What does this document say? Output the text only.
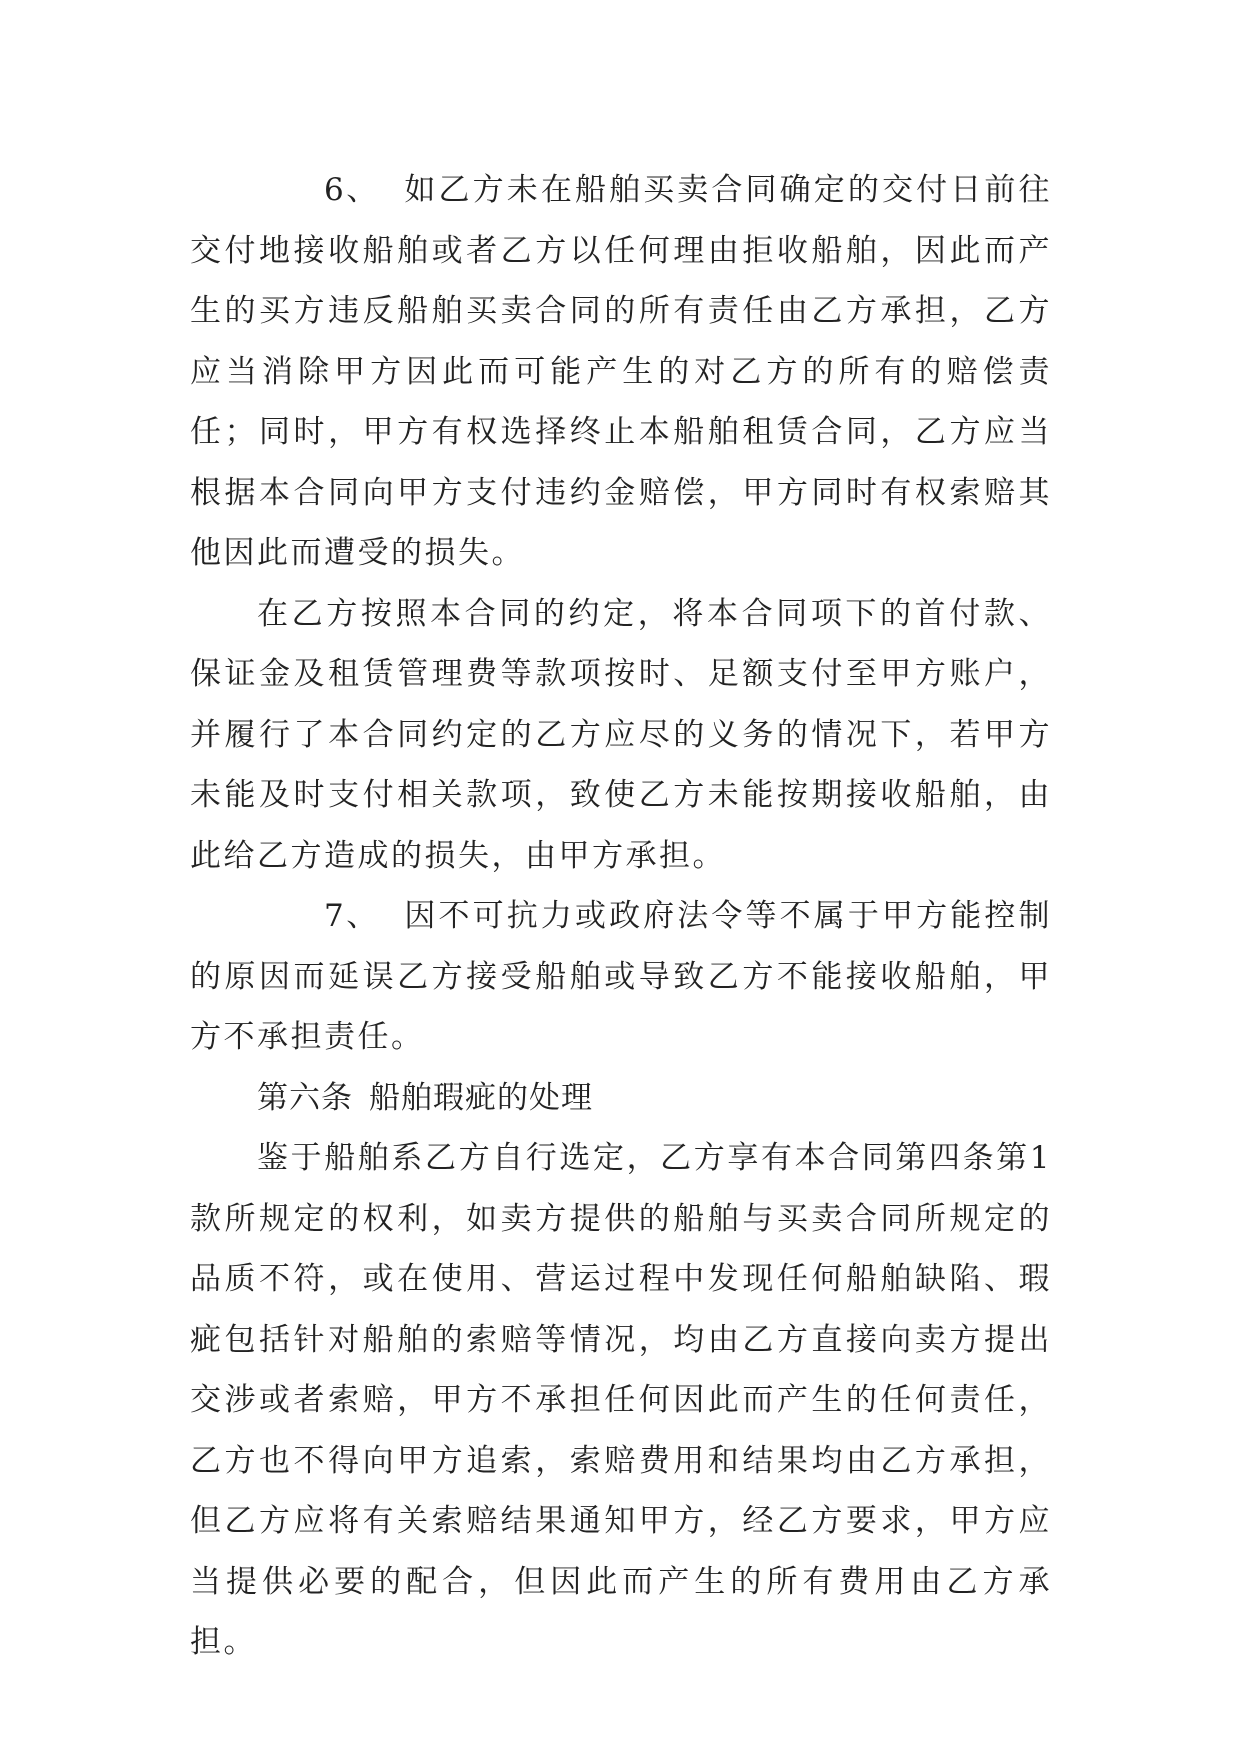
6、 如乙方未在船舶买卖合同确定的交付日前往交付地接收船舶或者乙方以任何理由拒收船舶，因此而产生的买方违反船舶买卖合同的所有责任由乙方承担，乙方应当消除甲方因此而可能产生的对乙方的所有的赔偿责任；同时，甲方有权选择终止本船舶租赁合同，乙方应当根据本合同向甲方支付违约金赔偿，甲方同时有权索赔其他因此而遭受的损失。

在乙方按照本合同的约定，将本合同项下的首付款、保证金及租赁管理费等款项按时、足额支付至甲方账户，并履行了本合同约定的乙方应尽的义务的情况下，若甲方未能及时支付相关款项，致使乙方未能按期接收船舶，由此给乙方造成的损失，由甲方承担。

7、 因不可抗力或政府法令等不属于甲方能控制的原因而延误乙方接受船舶或导致乙方不能接收船舶，甲方不承担责任。

第六条 船舶瑕疵的处理

鉴于船舶系乙方自行选定，乙方享有本合同第四条第1款所规定的权利，如卖方提供的船舶与买卖合同所规定的品质不符，或在使用、营运过程中发现任何船舶缺陷、瑕疵包括针对船舶的索赔等情况，均由乙方直接向卖方提出交涉或者索赔，甲方不承担任何因此而产生的任何责任，乙方也不得向甲方追索，索赔费用和结果均由乙方承担，但乙方应将有关索赔结果通知甲方，经乙方要求，甲方应当提供必要的配合，但因此而产生的所有费用由乙方承担。
